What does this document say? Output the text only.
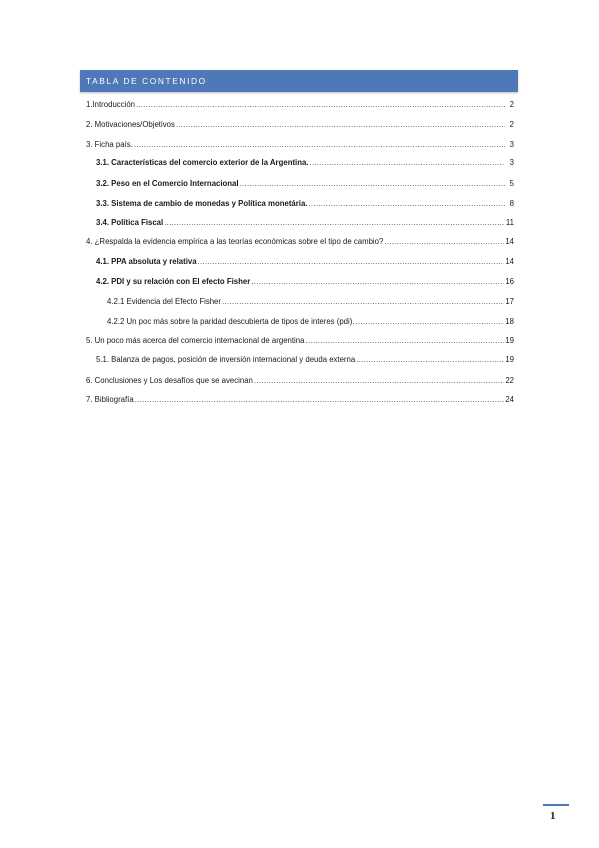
TABLA DE CONTENIDO
1.Introducción .....	2
2. Motivaciones/Objetivos .....	2
3. Ficha país. .....	3
3.1. Características del comercio exterior de la Argentina. .....	3
3.2. Peso en el Comercio Internacional .....	5
3.3. Sistema de cambio de monedas y Política monetária. .....	8
3.4. Política Fiscal .....	11
4. ¿Respalda la evidencia empírica a las teorías económicas sobre el tipo de cambio? .....	14
4.1. PPA absoluta y relativa .....	14
4.2. PDI y su relación con El efecto Fisher .....	16
4.2.1 Evidencia del Efecto Fisher .....	17
4.2.2 Un poc más sobre la paridad descubierta de tipos de interes (pdi). .....	18
5. Un poco más acerca del comercio internacional de argentina .....	19
5.1. Balanza de pagos, posición de inversión internacional y deuda externa .....	19
6. Conclusiones y Los desafíos que se avecinan .....	22
7. Bibliografía .....	24
1
